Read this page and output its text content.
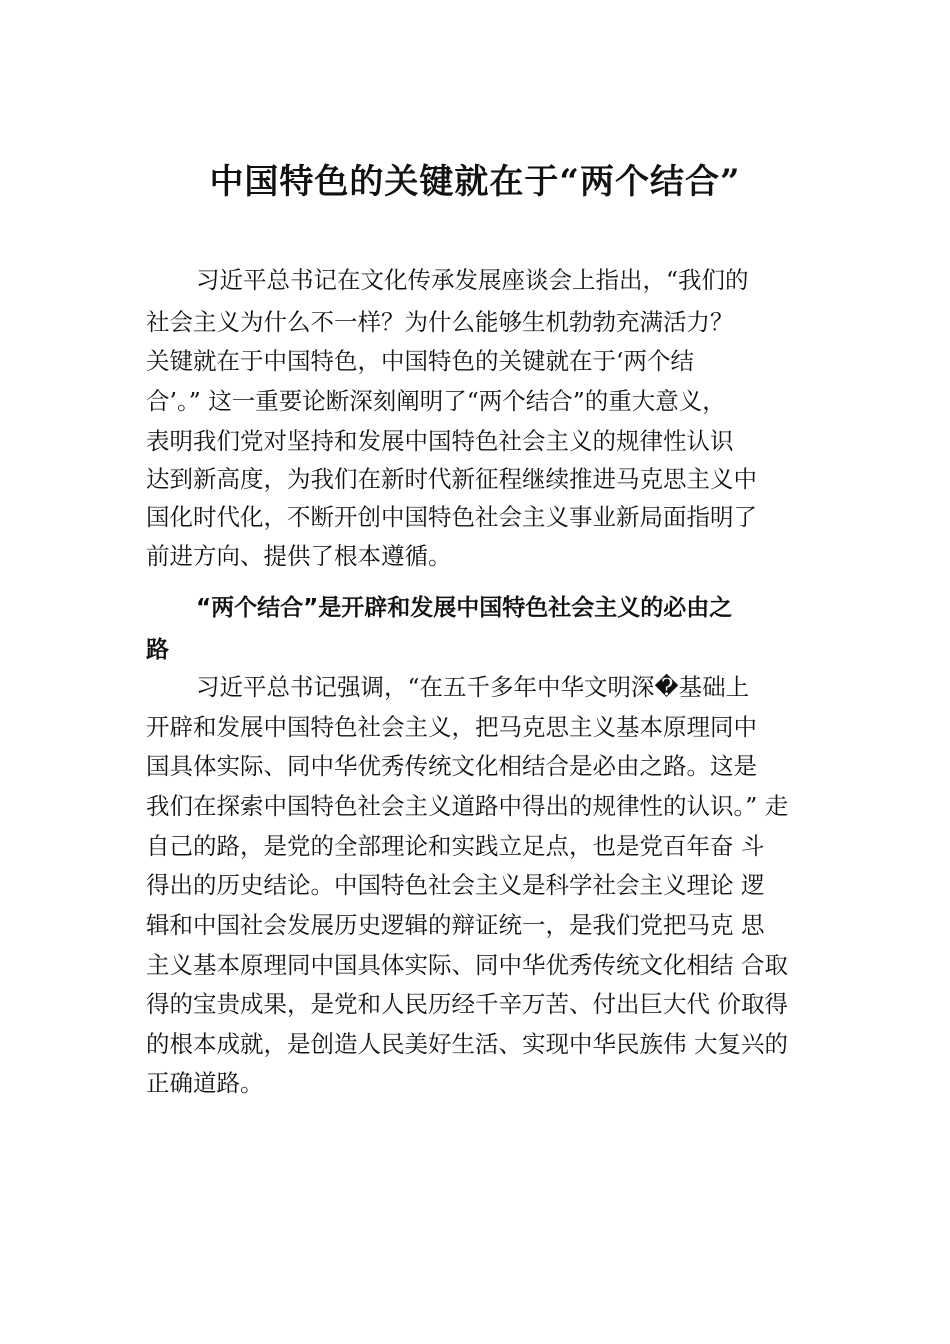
中国特色的关键就在于“两个结合”
习近平总书记在文化传承发展座谈会上指出，“我们的
社会主义为什么不一样？为什么能够生机勃勃充满活力？
关键就在于中国特色，中国特色的关键就在于‘两个结
合’。” 这一重要论断深刻阐明了“两个结合”的重大意义，
表明我们党对坚持和发展中国特色社会主义的规律性认识
达到新高度，为我们在新时代新征程继续推进马克思主义中
国化时代化，不断开创中国特色社会主义事业新局面指明了
前进方向、提供了根本遵循。
“两个结合”是开辟和发展中国特色社会主义的必由之
路
习近平总书记强调，“在五千多年中华文明深�基础上
开辟和发展中国特色社会主义，把马克思主义基本原理同中
国具体实际、同中华优秀传统文化相结合是必由之路。这是
我们在探索中国特色社会主义道路中得出的规律性的认识。” 走
自己的路，是党的全部理论和实践立足点，也是党百年奋 斗
得出的历史结论。中国特色社会主义是科学社会主义理论 逻
辑和中国社会发展历史逻辑的辩证统一，是我们党把马克 思
主义基本原理同中国具体实际、同中华优秀传统文化相结 合取
得的宝贵成果，是党和人民历经千辛万苦、付出巨大代 价取得
的根本成就，是创造人民美好生活、实现中华民族伟 大复兴的
正确道路。
